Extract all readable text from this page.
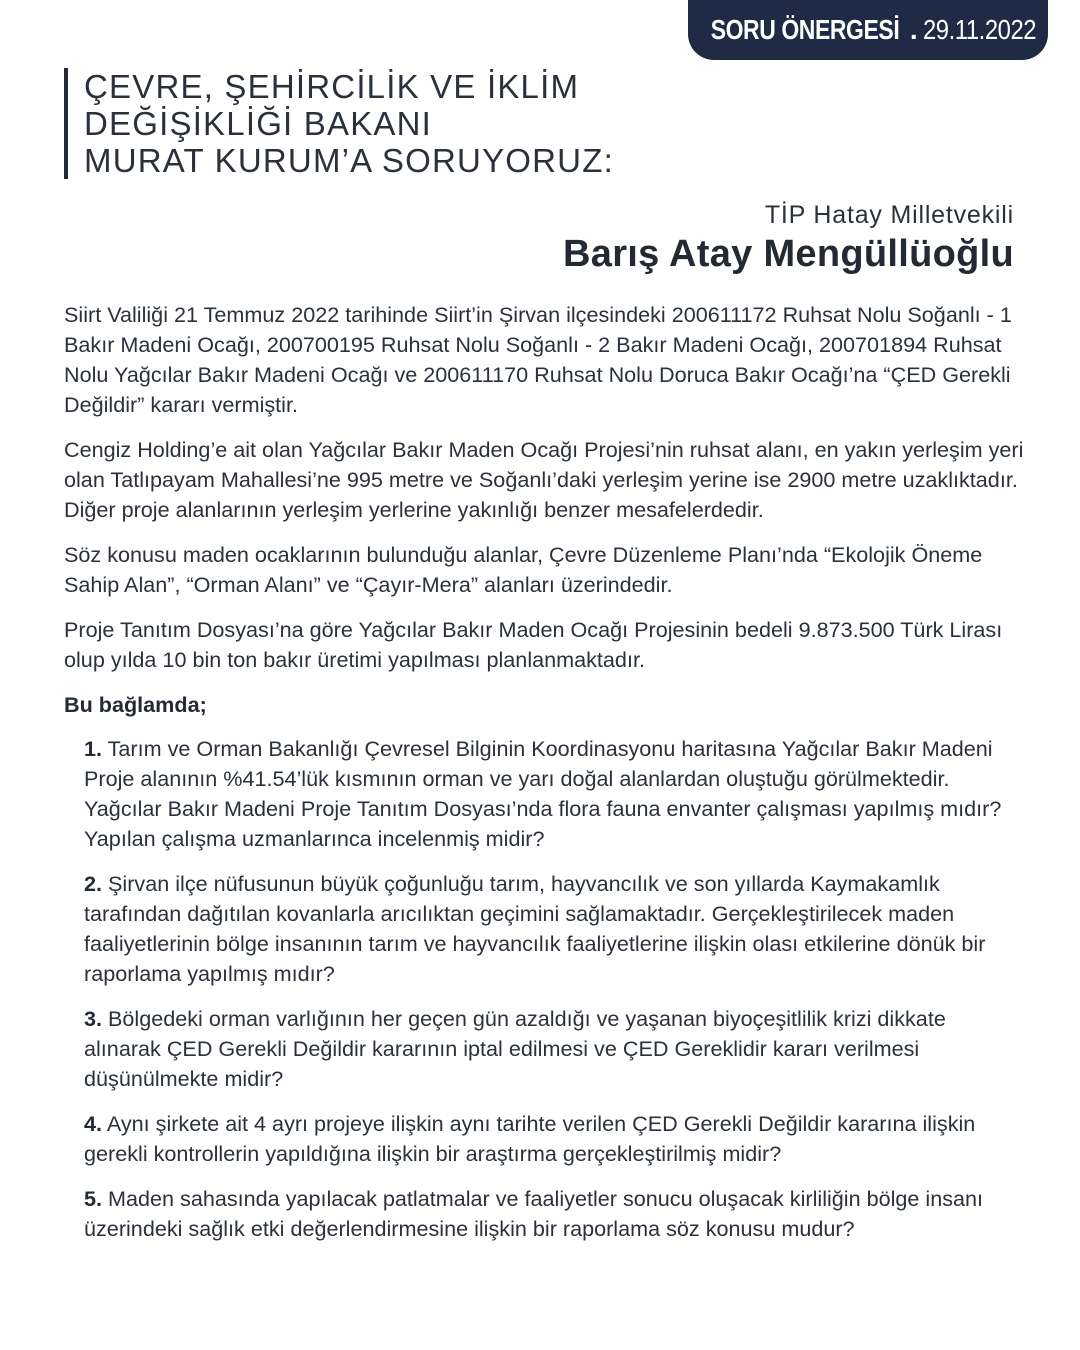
SORU ÖNERGESİ . 29.11.2022
ÇEVRE, ŞEHİRCİLİK VE İKLİM
DEĞİŞİKLİĞİ BAKANI
MURAT KURUM’A SORUYORUZ:
TİP Hatay Milletvekili
Barış Atay Mengüllüoğlu

Siirt Valiliği 21 Temmuz 2022 tarihinde Siirt’in Şirvan ilçesindeki 200611172 Ruhsat Nolu Soğanlı - 1 Bakır Madeni Ocağı, 200700195 Ruhsat Nolu Soğanlı - 2 Bakır Madeni Ocağı, 200701894 Ruhsat Nolu Yağcılar Bakır Madeni Ocağı ve 200611170 Ruhsat Nolu Doruca Bakır Ocağı’na “ÇED Gerekli Değildir” kararı vermiştir.

Cengiz Holding’e ait olan Yağcılar Bakır Maden Ocağı Projesi’nin ruhsat alanı, en yakın yerleşim yeri olan Tatlıpayam Mahallesi’ne 995 metre ve Soğanlı’daki yerleşim yerine ise 2900 metre uzaklıktadır. Diğer proje alanlarının yerleşim yerlerine yakınlığı benzer mesafelerdedir.

Söz konusu maden ocaklarının bulunduğu alanlar, Çevre Düzenleme Planı’nda “Ekolojik Öneme Sahip Alan”, “Orman Alanı” ve “Çayır-Mera” alanları üzerindedir.

Proje Tanıtım Dosyası’na göre Yağcılar Bakır Maden Ocağı Projesinin bedeli 9.873.500 Türk Lirası olup yılda 10 bin ton bakır üretimi yapılması planlanmaktadır.

Bu bağlamda;

1. Tarım ve Orman Bakanlığı Çevresel Bilginin Koordinasyonu haritasına Yağcılar Bakır Madeni Proje alanının %41.54’lük kısmının orman ve yarı doğal alanlardan oluştuğu görülmektedir. Yağcılar Bakır Madeni Proje Tanıtım Dosyası’nda flora fauna envanter çalışması yapılmış mıdır? Yapılan çalışma uzmanlarınca incelenmiş midir?

2. Şirvan ilçe nüfusunun büyük çoğunluğu tarım, hayvancılık ve son yıllarda Kaymakamlık tarafından dağıtılan kovanlarla arıcılıktan geçimini sağlamaktadır. Gerçekleştirilecek maden faaliyetlerinin bölge insanının tarım ve hayvancılık faaliyetlerine ilişkin olası etkilerine dönük bir raporlama yapılmış mıdır?

3. Bölgedeki orman varlığının her geçen gün azaldığı ve yaşanan biyoçeşitlilik krizi dikkate alınarak ÇED Gerekli Değildir kararının iptal edilmesi ve ÇED Gereklidir kararı verilmesi düşünülmekte midir?

4. Aynı şirkete ait 4 ayrı projeye ilişkin aynı tarihte verilen ÇED Gerekli Değildir kararına ilişkin gerekli kontrollerin yapıldığına ilişkin bir araştırma gerçekleştirilmiş midir?

5. Maden sahasında yapılacak patlatmalar ve faaliyetler sonucu oluşacak kirliliğin bölge insanı üzerindeki sağlık etki değerlendirmesine ilişkin bir raporlama söz konusu mudur?
